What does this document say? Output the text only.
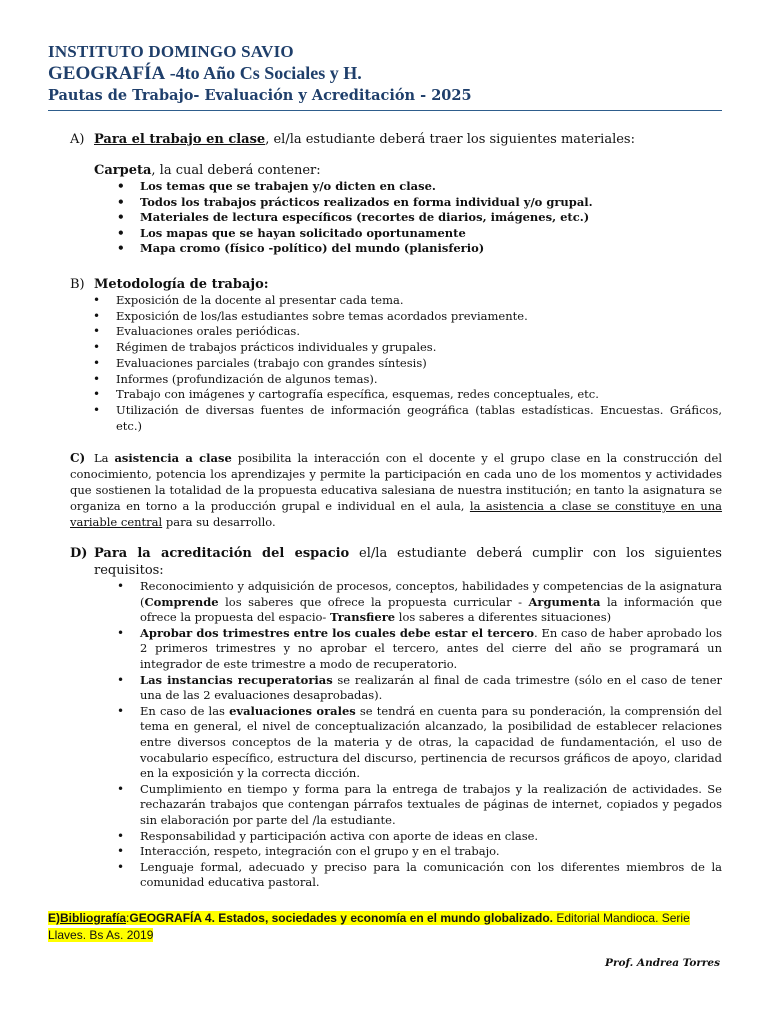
INSTITUTO DOMINGO SAVIO
GEOGRAFÍA -4to Año Cs Sociales y H.
Pautas de Trabajo- Evaluación y Acreditación - 2025
A) Para el trabajo en clase, el/la estudiante deberá traer los siguientes materiales:
Carpeta, la cual deberá contener:
• Los temas que se trabajen y/o dicten en clase.
• Todos los trabajos prácticos realizados en forma individual y/o grupal.
• Materiales de lectura específicos (recortes de diarios, imágenes, etc.)
• Los mapas que se hayan solicitado oportunamente
• Mapa cromo (físico -político) del mundo (planisferio)
B) Metodología de trabajo:
• Exposición de la docente al presentar cada tema.
• Exposición de los/las estudiantes sobre temas acordados previamente.
• Evaluaciones orales periódicas.
• Régimen de trabajos prácticos individuales y grupales.
• Evaluaciones parciales (trabajo con grandes síntesis)
• Informes (profundización de algunos temas).
• Trabajo con imágenes y cartografía específica, esquemas, redes conceptuales, etc.
• Utilización de diversas fuentes de información geográfica (tablas estadísticas. Encuestas. Gráficos, etc.)
C) La asistencia a clase posibilita la interacción con el docente y el grupo clase en la construcción del conocimiento, potencia los aprendizajes y permite la participación en cada uno de los momentos y actividades que sostienen la totalidad de la propuesta educativa salesiana de nuestra institución; en tanto la asignatura se organiza en torno a la producción grupal e individual en el aula, la asistencia a clase se constituye en una variable central para su desarrollo.
D) Para la acreditación del espacio el/la estudiante deberá cumplir con los siguientes requisitos:
• Reconocimiento y adquisición de procesos, conceptos, habilidades y competencias de la asignatura (Comprende los saberes que ofrece la propuesta curricular - Argumenta la información que ofrece la propuesta del espacio- Transfiere los saberes a diferentes situaciones)
• Aprobar dos trimestres entre los cuales debe estar el tercero. En caso de haber aprobado los 2 primeros trimestres y no aprobar el tercero, antes del cierre del año se programará un integrador de este trimestre a modo de recuperatorio.
• Las instancias recuperatorias se realizarán al final de cada trimestre (sólo en el caso de tener una de las 2 evaluaciones desaprobadas).
• En caso de las evaluaciones orales se tendrá en cuenta para su ponderación, la comprensión del tema en general, el nivel de conceptualización alcanzado, la posibilidad de establecer relaciones entre diversos conceptos de la materia y de otras, la capacidad de fundamentación, el uso de vocabulario específico, estructura del discurso, pertinencia de recursos gráficos de apoyo, claridad en la exposición y la correcta dicción.
• Cumplimiento en tiempo y forma para la entrega de trabajos y la realización de actividades. Se rechazarán trabajos que contengan párrafos textuales de páginas de internet, copiados y pegados sin elaboración por parte del /la estudiante.
• Responsabilidad y participación activa con aporte de ideas en clase.
• Interacción, respeto, integración con el grupo y en el trabajo.
• Lenguaje formal, adecuado y preciso para la comunicación con los diferentes miembros de la comunidad educativa pastoral.
E)Bibliografía:GEOGRAFÍA 4. Estados, sociedades y economía en el mundo globalizado. Editorial Mandioca. Serie Llaves. Bs As. 2019
Prof. Andrea Torres
